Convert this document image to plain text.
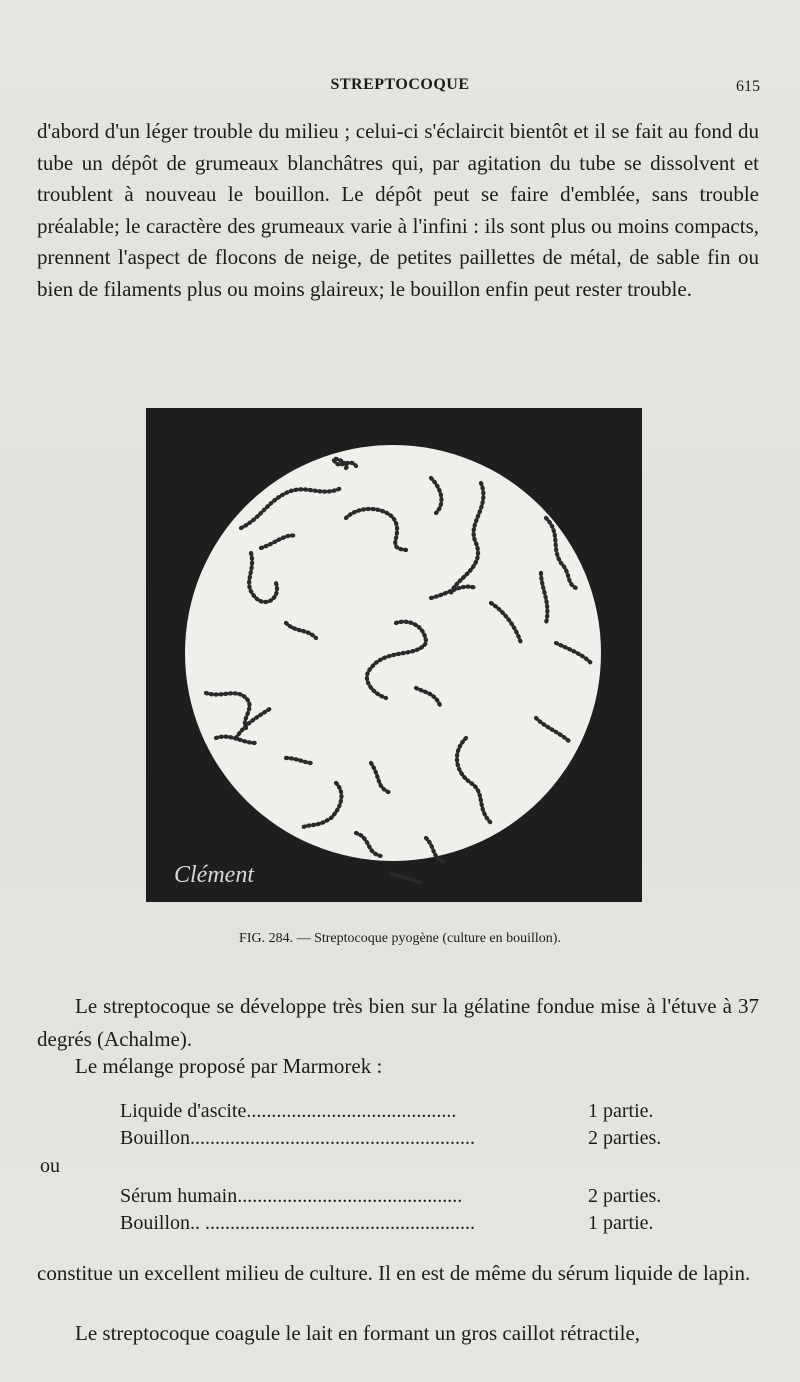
STREPTOCOQUE	615

d'abord d'un léger trouble du milieu ; celui-ci s'éclaircit bientôt et il se fait au fond du tube un dépôt de grumeaux blanchâtres qui, par agitation du tube se dissolvent et troublent à nouveau le bouillon. Le dépôt peut se faire d'emblée, sans trouble préalable; le caractère des grumeaux varie à l'infini : ils sont plus ou moins compacts, prennent l'aspect de flocons de neige, de petites paillettes de métal, de sable fin ou bien de filaments plus ou moins glaireux; le bouillon enfin peut rester trouble.

Clément
FIG. 284. — Streptocoque pyogène (culture en bouillon).

Le streptocoque se développe très bien sur la gélatine fondue mise à l'étuve à 37 degrés (Achalme).

Le mélange proposé par Marmorek :

Liquide d'ascite..........................................	1 partie.
Bouillon.........................................................	2 parties.
ou
Sérum humain.............................................	2 parties.
Bouillon.. ......................................................	1 partie.

constitue un excellent milieu de culture. Il en est de même du sérum liquide de lapin.

Le streptocoque coagule le lait en formant un gros caillot rétractile,
